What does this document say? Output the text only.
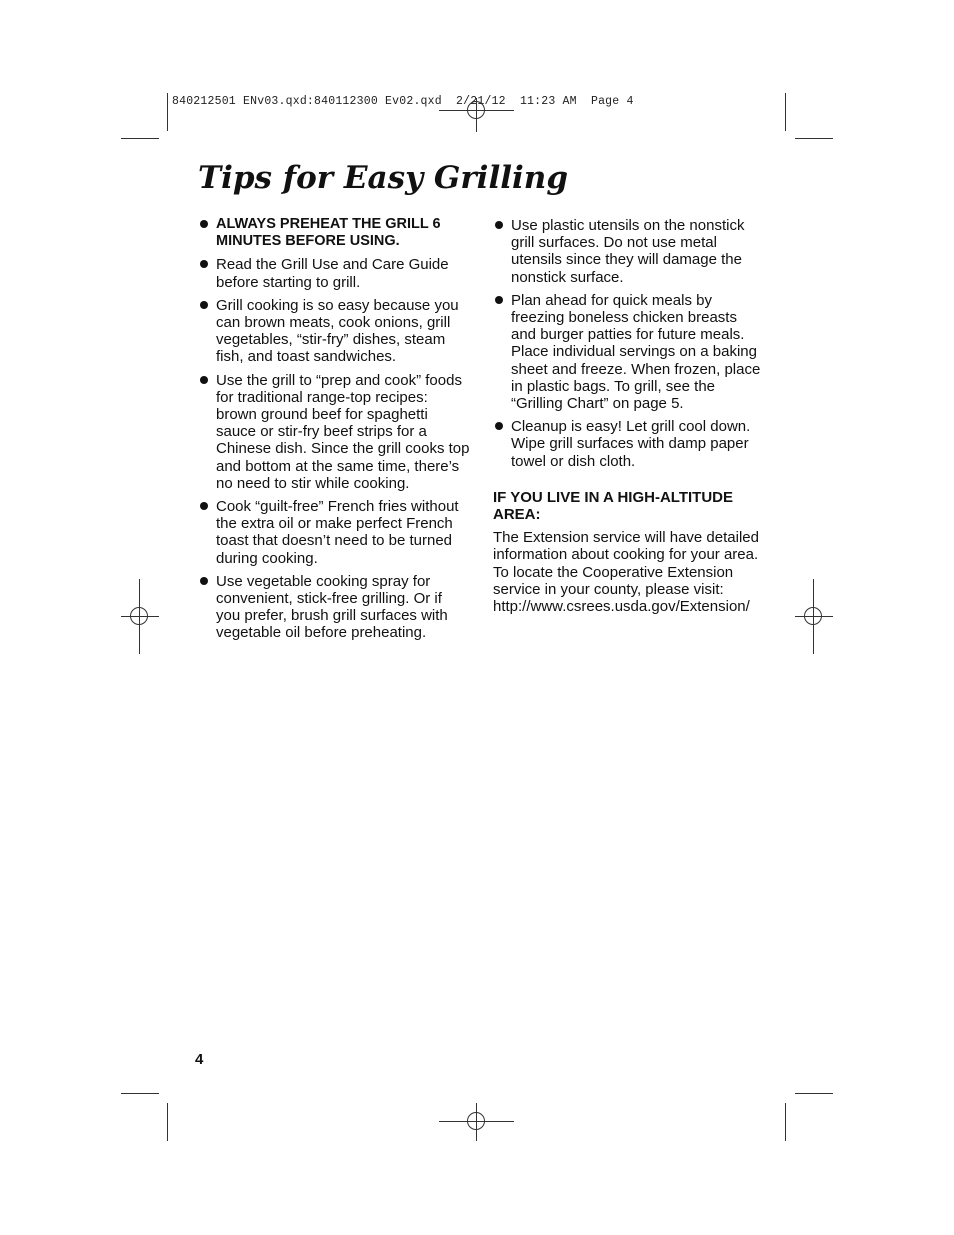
840212501 ENv03.qxd:840112300 Ev02.qxd  2/21/12  11:23 AM  Page 4
Tips for Easy Grilling
ALWAYS PREHEAT THE GRILL 6 MINUTES BEFORE USING.
Read the Grill Use and Care Guide before starting to grill.
Grill cooking is so easy because you can brown meats, cook onions, grill vegetables, “stir-fry” dishes, steam fish, and toast sandwiches.
Use the grill to “prep and cook” foods for traditional range-top recipes: brown ground beef for spaghetti sauce or stir-fry beef strips for a Chinese dish. Since the grill cooks top and bottom at the same time, there’s no need to stir while cooking.
Cook “guilt-free” French fries without the extra oil or make perfect French toast that doesn’t need to be turned during cooking.
Use vegetable cooking spray for convenient, stick-free grilling. Or if you prefer, brush grill surfaces with vegetable oil before preheating.
Use plastic utensils on the nonstick grill surfaces. Do not use metal utensils since they will damage the nonstick surface.
Plan ahead for quick meals by freezing boneless chicken breasts and burger patties for future meals. Place individual servings on a baking sheet and freeze. When frozen, place in plastic bags. To grill, see the “Grilling Chart” on page 5.
Cleanup is easy! Let grill cool down. Wipe grill surfaces with damp paper towel or dish cloth.
IF YOU LIVE IN A HIGH-ALTITUDE AREA:
The Extension service will have detailed information about cooking for your area. To locate the Cooperative Extension service in your county, please visit:
http://www.csrees.usda.gov/Extension/
4
